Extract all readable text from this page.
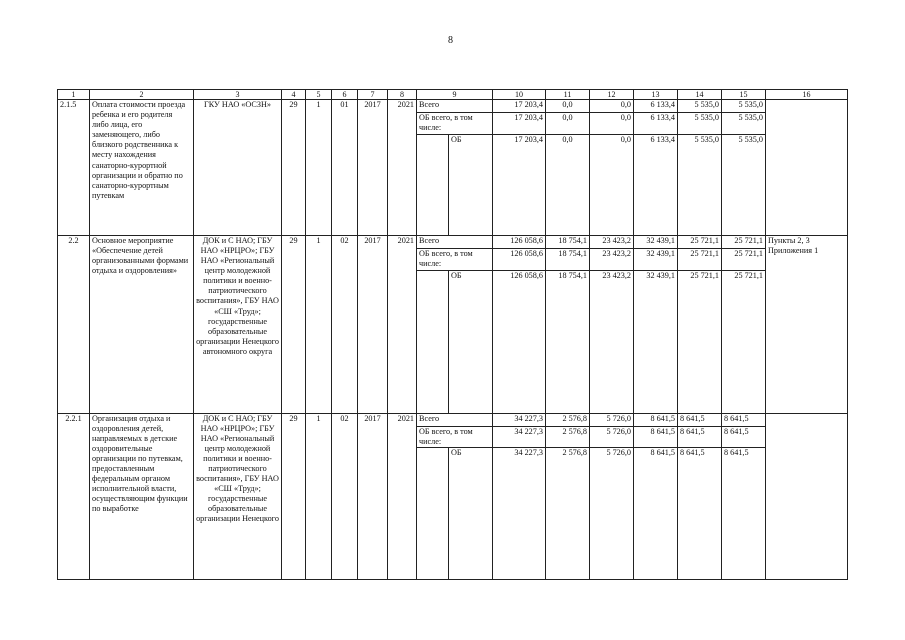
8
1	2	3	4	5	6	7	8	9		10	11	12	13	14	15	16
2.1.5	Оплата стоимости проезда ребенка и его родителя либо лица, его заменяющего, либо близкого родственника к месту нахождения санаторно-курортной организации и обратно по санаторно-курортным путевкам	ГКУ НАО «ОСЗН»	29	1	01	2017	2021	Всего		17 203,4	0,0	0,0	6 133,4	5 535,0	5 535,0	
								ОБ всего, в том числе:		17 203,4	0,0	0,0	6 133,4	5 535,0	5 535,0	
									ОБ	17 203,4	0,0	0,0	6 133,4	5 535,0	5 535,0	
2.2	Основное мероприятие «Обеспечение детей организованными формами отдыха и оздоровления»	ДОК и С НАО; ГБУ НАО «НРЦРО»; ГБУ НАО «Региональный центр молодежной политики и военно-патриотического воспитания», ГБУ НАО «СШ «Труд»; государственные образовательные организации Ненецкого автономного округа	29	1	02	2017	2021	Всего		126 058,6	18 754,1	23 423,2	32 439,1	25 721,1	25 721,1	Пункты 2, 3 Приложения 1
								ОБ всего, в том числе:		126 058,6	18 754,1	23 423,2	32 439,1	25 721,1	25 721,1	
									ОБ	126 058,6	18 754,1	23 423,2	32 439,1	25 721,1	25 721,1	
2.2.1	Организация отдыха и оздоровления детей, направляемых в детские оздоровительные организации по путевкам, предоставленным федеральным органом исполнительной власти, осуществляющим функции по выработке	ДОК и С НАО; ГБУ НАО «НРЦРО»; ГБУ НАО «Региональный центр молодежной политики и военно-патриотического воспитания», ГБУ НАО «СШ «Труд»; государственные образовательные организации Ненецкого	29	1	02	2017	2021	Всего		34 227,3	2 576,8	5 726,0	8 641,5	8 641,5	8 641,5	
								ОБ всего, в том числе:		34 227,3	2 576,8	5 726,0	8 641,5	8 641,5	8 641,5	
									ОБ	34 227,3	2 576,8	5 726,0	8 641,5	8 641,5	8 641,5	
